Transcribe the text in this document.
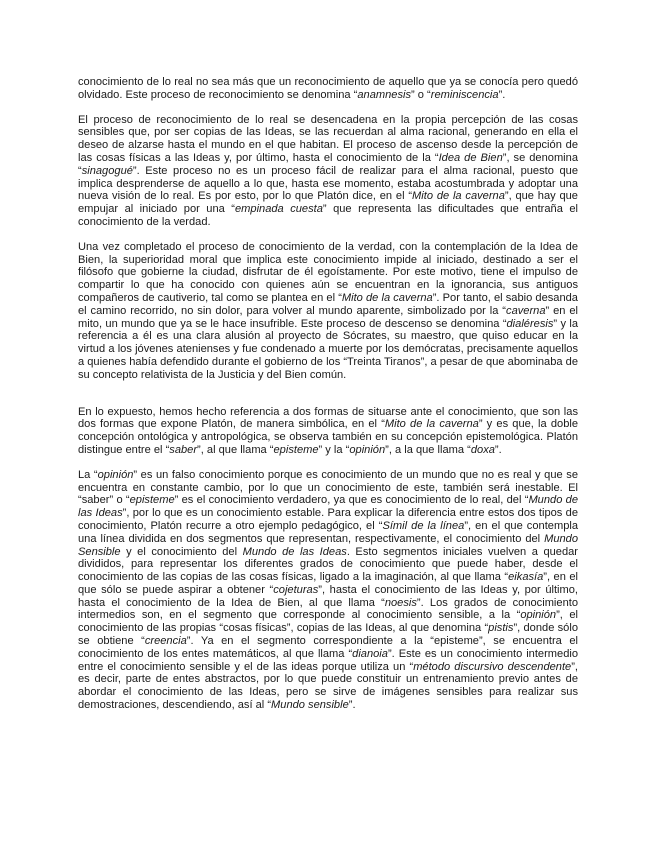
conocimiento de lo real no sea más que un reconocimiento de aquello que ya se conocía pero quedó olvidado. Este proceso de reconocimiento se denomina “anamnesis” o “reminiscencia”.

El proceso de reconocimiento de lo real se desencadena en la propia percepción de las cosas sensibles que, por ser copias de las Ideas, se las recuerdan al alma racional, generando en ella el deseo de alzarse hasta el mundo en el que habitan. El proceso de ascenso desde la percepción de las cosas físicas a las Ideas y, por último, hasta el conocimiento de la “Idea de Bien”, se denomina “sinagogué”. Este proceso no es un proceso fácil de realizar para el alma racional, puesto que implica desprenderse de aquello a lo que, hasta ese momento, estaba acostumbrada y adoptar una nueva visión de lo real. Es por esto, por lo que Platón dice, en el “Mito de la caverna”, que hay que empujar al iniciado por una “empinada cuesta” que representa las dificultades que entraña el conocimiento de la verdad.

Una vez completado el proceso de conocimiento de la verdad, con la contemplación de la Idea de Bien, la superioridad moral que implica este conocimiento impide al iniciado, destinado a ser el filósofo que gobierne la ciudad, disfrutar de él egoístamente. Por este motivo, tiene el impulso de compartir lo que ha conocido con quienes aún se encuentran en la ignorancia, sus antiguos compañeros de cautiverio, tal como se plantea en el “Mito de la caverna”. Por tanto, el sabio desanda el camino recorrido, no sin dolor, para volver al mundo aparente, simbolizado por la “caverna” en el mito, un mundo que ya se le hace insufrible. Este proceso de descenso se denomina “dialéresis” y la referencia a él es una clara alusión al proyecto de Sócrates, su maestro, que quiso educar en la virtud a los jóvenes atenienses y fue condenado a muerte por los demócratas, precisamente aquellos a quienes había defendido durante el gobierno de los “Treinta Tiranos”, a pesar de que abominaba de su concepto relativista de la Justicia y del Bien común.

En lo expuesto, hemos hecho referencia a dos formas de situarse ante el conocimiento, que son las dos formas que expone Platón, de manera simbólica, en el “Mito de la caverna” y es que, la doble concepción ontológica y antropológica, se observa también en su concepción epistemológica. Platón distingue entre el “saber”, al que llama “episteme” y la “opinión”, a la que llama “doxa”.

La “opinión” es un falso conocimiento porque es conocimiento de un mundo que no es real y que se encuentra en constante cambio, por lo que un conocimiento de este, también será inestable. El “saber” o “episteme” es el conocimiento verdadero, ya que es conocimiento de lo real, del “Mundo de las Ideas”, por lo que es un conocimiento estable. Para explicar la diferencia entre estos dos tipos de conocimiento, Platón recurre a otro ejemplo pedagógico, el “Símil de la línea”, en el que contempla una línea dividida en dos segmentos que representan, respectivamente, el conocimiento del Mundo Sensible y el conocimiento del Mundo de las Ideas. Esto segmentos iniciales vuelven a quedar divididos, para representar los diferentes grados de conocimiento que puede haber, desde el conocimiento de las copias de las cosas físicas, ligado a la imaginación, al que llama “eikasía”, en el que sólo se puede aspirar a obtener “cojeturas”, hasta el conocimiento de las Ideas y, por último, hasta el conocimiento de la Idea de Bien, al que llama “noesis”. Los grados de conocimiento intermedios son, en el segmento que corresponde al conocimiento sensible, a la “opinión”, el conocimiento de las propias “cosas físicas”, copias de las Ideas, al que denomina “pistis”, donde sólo se obtiene “creencia”. Ya en el segmento correspondiente a la “episteme”, se encuentra el conocimiento de los entes matemáticos, al que llama “dianoia”. Este es un conocimiento intermedio entre el conocimiento sensible y el de las ideas porque utiliza un “método discursivo descendente”, es decir, parte de entes abstractos, por lo que puede constituir un entrenamiento previo antes de abordar el conocimiento de las Ideas, pero se sirve de imágenes sensibles para realizar sus demostraciones, descendiendo, así al “Mundo sensible”.
